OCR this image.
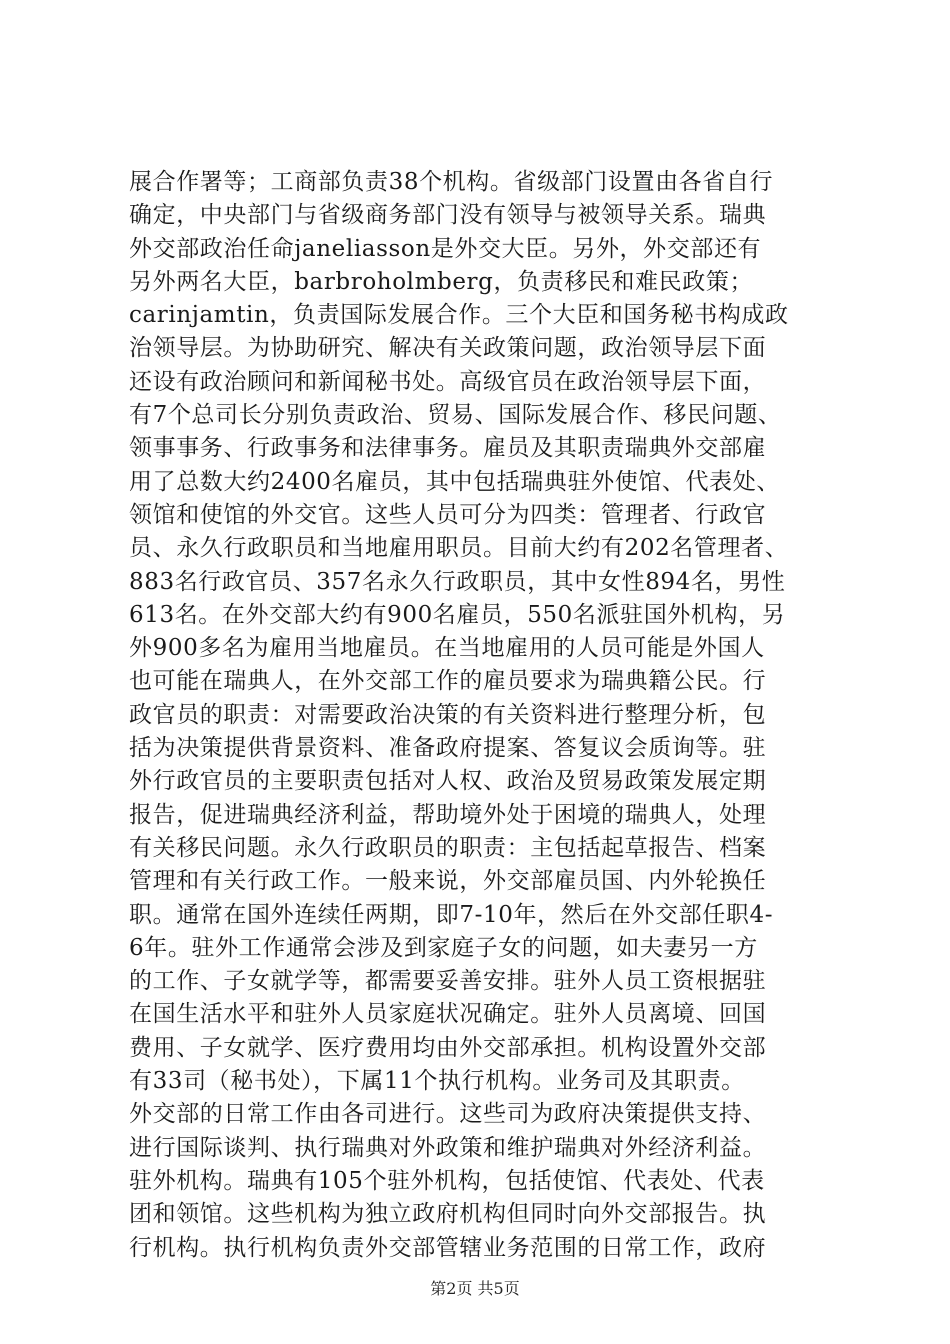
展合作署等；工商部负责38个机构。省级部门设置由各省自行
确定，中央部门与省级商务部门没有领导与被领导关系。瑞典
外交部政治任命janeliasson是外交大臣。另外，外交部还有
另外两名大臣，barbroholmberg，负责移民和难民政策；
carinjamtin，负责国际发展合作。三个大臣和国务秘书构成政
治领导层。为协助研究、解决有关政策问题，政治领导层下面
还设有政治顾问和新闻秘书处。高级官员在政治领导层下面，
有7个总司长分别负责政治、贸易、国际发展合作、移民问题、
领事事务、行政事务和法律事务。雇员及其职责瑞典外交部雇
用了总数大约2400名雇员，其中包括瑞典驻外使馆、代表处、
领馆和使馆的外交官。这些人员可分为四类：管理者、行政官
员、永久行政职员和当地雇用职员。目前大约有202名管理者、
883名行政官员、357名永久行政职员，其中女性894名，男性
613名。在外交部大约有900名雇员，550名派驻国外机构，另
外900多名为雇用当地雇员。在当地雇用的人员可能是外国人
也可能在瑞典人，在外交部工作的雇员要求为瑞典籍公民。行
政官员的职责：对需要政治决策的有关资料进行整理分析，包
括为决策提供背景资料、准备政府提案、答复议会质询等。驻
外行政官员的主要职责包括对人权、政治及贸易政策发展定期
报告，促进瑞典经济利益，帮助境外处于困境的瑞典人，处理
有关移民问题。永久行政职员的职责：主包括起草报告、档案
管理和有关行政工作。一般来说，外交部雇员国、内外轮换任
职。通常在国外连续任两期，即7-10年，然后在外交部任职4-
6年。驻外工作通常会涉及到家庭子女的问题，如夫妻另一方
的工作、子女就学等，都需要妥善安排。驻外人员工资根据驻
在国生活水平和驻外人员家庭状况确定。驻外人员离境、回国
费用、子女就学、医疗费用均由外交部承担。机构设置外交部
有33司（秘书处），下属11个执行机构。业务司及其职责。
外交部的日常工作由各司进行。这些司为政府决策提供支持、
进行国际谈判、执行瑞典对外政策和维护瑞典对外经济利益。
驻外机构。瑞典有105个驻外机构，包括使馆、代表处、代表
团和领馆。这些机构为独立政府机构但同时向外交部报告。执
行机构。执行机构负责外交部管辖业务范围的日常工作，政府

第2页 共5页
